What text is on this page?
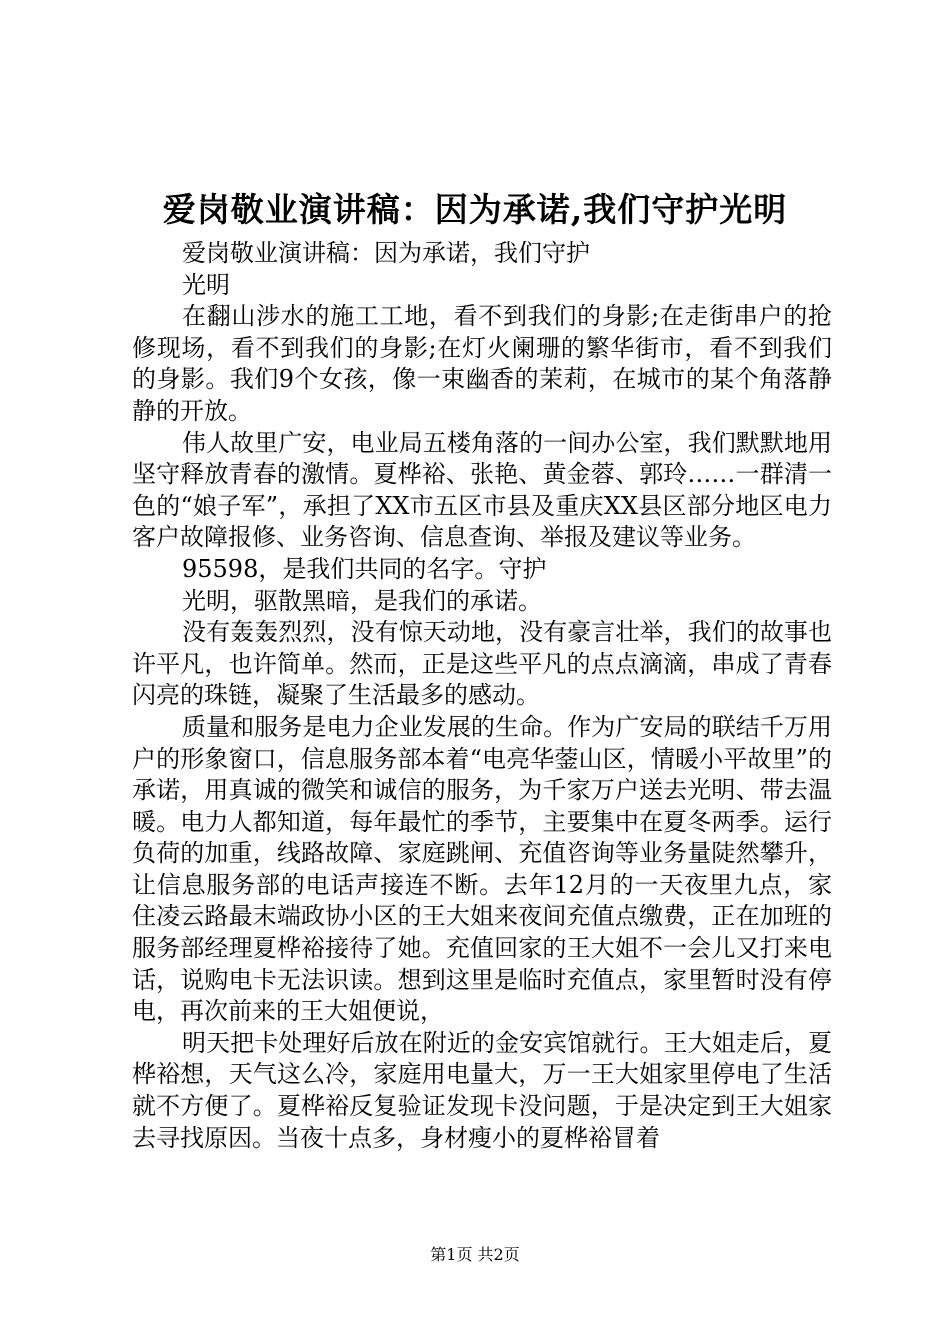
爱岗敬业演讲稿：因为承诺,我们守护光明

爱岗敬业演讲稿：因为承诺，我们守护

光明

在翻山涉水的施工工地，看不到我们的身影;在走街串户的抢修现场，看不到我们的身影;在灯火阑珊的繁华街市，看不到我们的身影。我们9个女孩，像一束幽香的茉莉，在城市的某个角落静静的开放。

伟人故里广安，电业局五楼角落的一间办公室，我们默默地用坚守释放青春的激情。夏桦裕、张艳、黄金蓉、郭玲……一群清一色的“娘子军”，承担了XX市五区市县及重庆XX县区部分地区电力客户故障报修、业务咨询、信息查询、举报及建议等业务。

95598，是我们共同的名字。守护

光明，驱散黑暗，是我们的承诺。

没有轰轰烈烈，没有惊天动地，没有豪言壮举，我们的故事也许平凡，也许简单。然而，正是这些平凡的点点滴滴，串成了青春闪亮的珠链，凝聚了生活最多的感动。

质量和服务是电力企业发展的生命。作为广安局的联结千万用户的形象窗口，信息服务部本着“电亮华蓥山区，情暖小平故里”的承诺，用真诚的微笑和诚信的服务，为千家万户送去光明、带去温暖。电力人都知道，每年最忙的季节，主要集中在夏冬两季。运行负荷的加重，线路故障、家庭跳闸、充值咨询等业务量陡然攀升，让信息服务部的电话声接连不断。去年12月的一天夜里九点，家住凌云路最末端政协小区的王大姐来夜间充值点缴费，正在加班的服务部经理夏桦裕接待了她。充值回家的王大姐不一会儿又打来电话，说购电卡无法识读。想到这里是临时充值点，家里暂时没有停电，再次前来的王大姐便说，

明天把卡处理好后放在附近的金安宾馆就行。王大姐走后，夏桦裕想，天气这么冷，家庭用电量大，万一王大姐家里停电了生活就不方便了。夏桦裕反复验证发现卡没问题，于是决定到王大姐家去寻找原因。当夜十点多，身材瘦小的夏桦裕冒着

第1页 共2页
